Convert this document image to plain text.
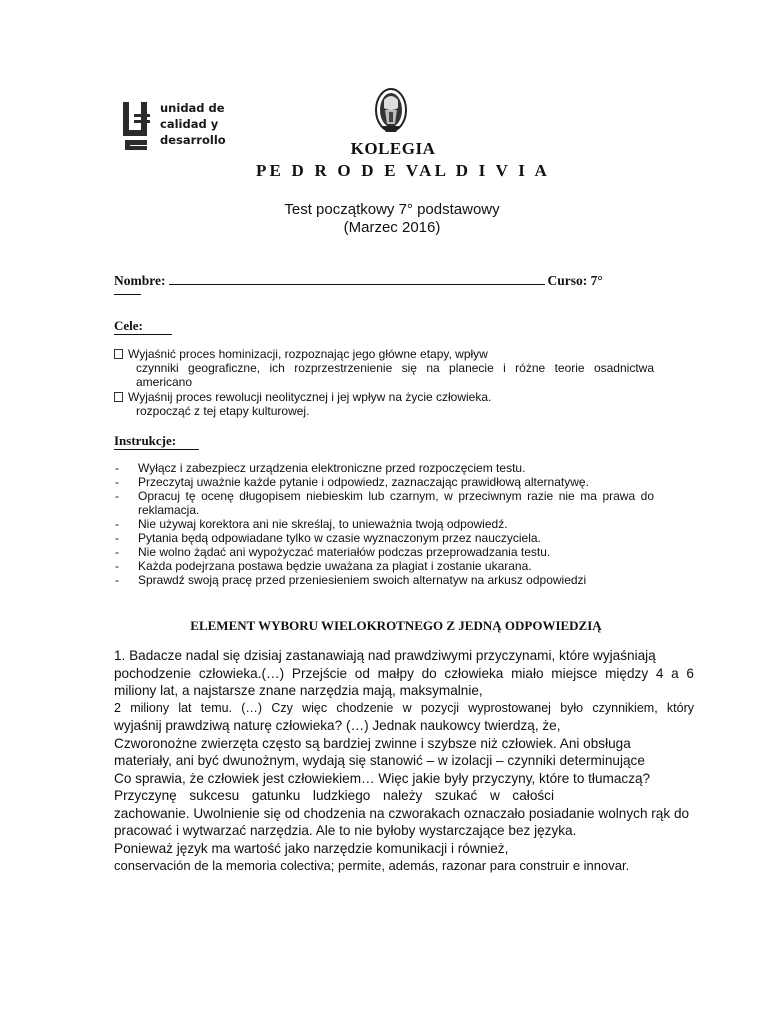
unidad de
calidad y
desarrollo	KOLEGIA
PE D R O D E VAL D I V I A
Test początkowy 7° podstawowy
(Marzec 2016)
Nombre:	Curso: 7°
Cele:
Wyjaśnić proces hominizacji, rozpoznając jego główne etapy, wpływ
czynniki geograficzne, ich rozprzestrzenienie się na planecie i różne teorie osadnictwa
americano
Wyjaśnij proces rewolucji neolitycznej i jej wpływ na życie człowieka.
rozpocząć z tej etapy kulturowej.
Instrukcje:
- Wyłącz i zabezpiecz urządzenia elektroniczne przed rozpoczęciem testu.
- Przeczytaj uważnie każde pytanie i odpowiedz, zaznaczając prawidłową alternatywę.
- Opracuj tę ocenę długopisem niebieskim lub czarnym, w przeciwnym razie nie ma prawa do reklamacja.
- Nie używaj korektora ani nie skreślaj, to unieważnia twoją odpowiedź.
- Pytania będą odpowiadane tylko w czasie wyznaczonym przez nauczyciela.
- Nie wolno żądać ani wypożyczać materiałów podczas przeprowadzania testu.
- Każda podejrzana postawa będzie uważana za plagiat i zostanie ukarana.
- Sprawdź swoją pracę przed przeniesieniem swoich alternatyw na arkusz odpowiedzi
ELEMENT WYBORU WIELOKROTNEGO Z JEDNĄ ODPOWIEDZIĄ
1. Badacze nadal się dzisiaj zastanawiają nad prawdziwymi przyczynami, które wyjaśniają
pochodzenie człowieka.(…) Przejście od małpy do człowieka miało miejsce między 4 a 6
miliony lat, a najstarsze znane narzędzia mają, maksymalnie,
2 miliony lat temu. (…) Czy więc chodzenie w pozycji wyprostowanej było czynnikiem, który
wyjaśnij prawdziwą naturę człowieka? (…) Jednak naukowcy twierdzą, że,
Czworonożne zwierzęta często są bardziej zwinne i szybsze niż człowiek. Ani obsługa
materiały, ani być dwunożnym, wydają się stanowić – w izolacji – czynniki determinujące
Co sprawia, że człowiek jest człowiekiem… Więc jakie były przyczyny, które to tłumaczą?
Przyczynę sukcesu gatunku ludzkiego należy szukać w całości
zachowanie. Uwolnienie się od chodzenia na czworakach oznaczało posiadanie wolnych rąk do
pracować i wytwarzać narzędzia. Ale to nie byłoby wystarczające bez języka.
Ponieważ język ma wartość jako narzędzie komunikacji i również,
conservación de la memoria colectiva; permite, además, razonar para construir e innovar.
